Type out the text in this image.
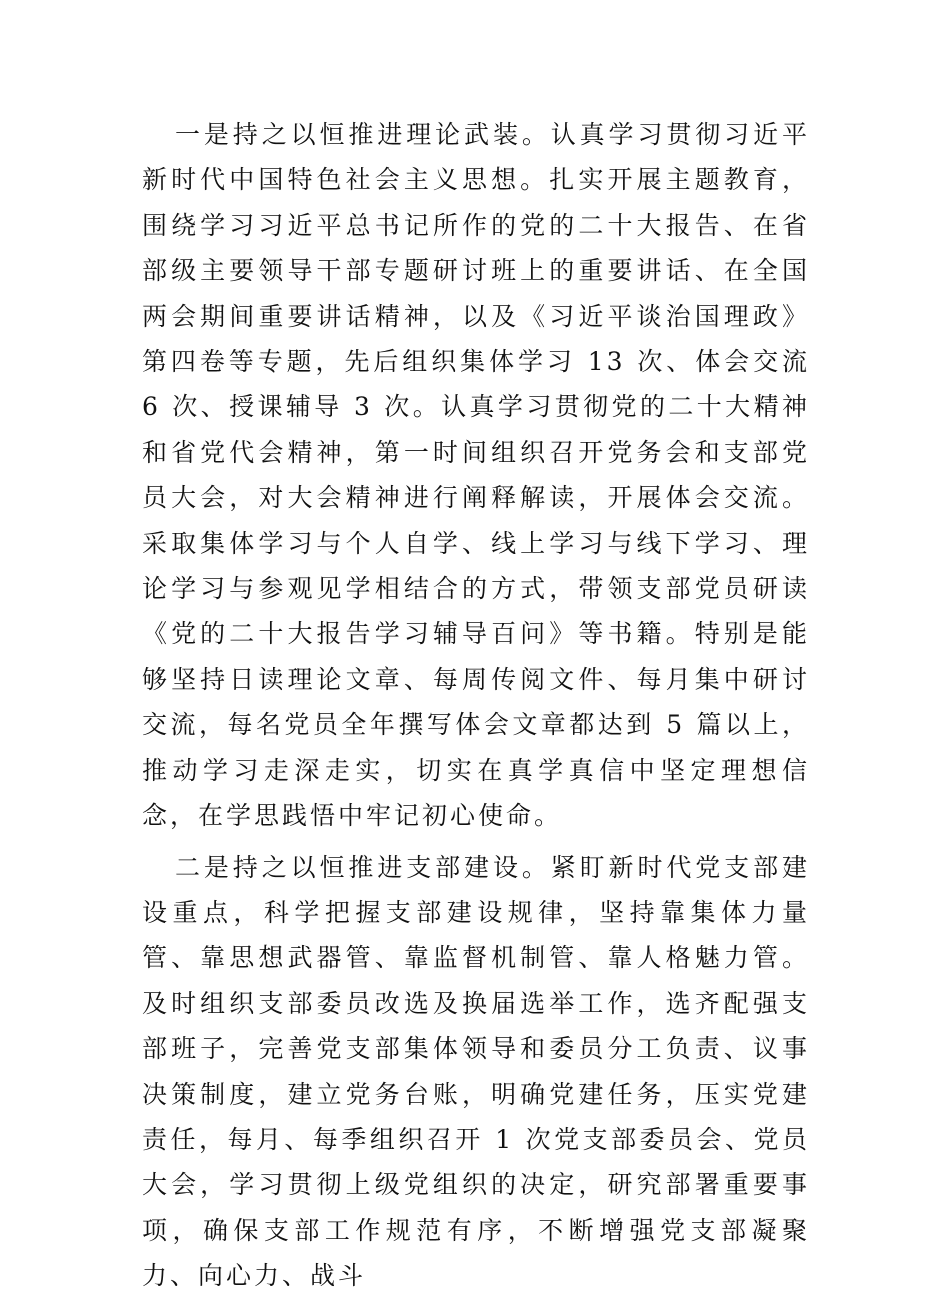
一是持之以恒推进理论武装。认真学习贯彻习近平新时代中国特色社会主义思想。扎实开展主题教育，围绕学习习近平总书记所作的党的二十大报告、在省部级主要领导干部专题研讨班上的重要讲话、在全国两会期间重要讲话精神，以及《习近平谈治国理政》第四卷等专题，先后组织集体学习 13 次、体会交流 6 次、授课辅导 3 次。认真学习贯彻党的二十大精神和省党代会精神，第一时间组织召开党务会和支部党员大会，对大会精神进行阐释解读，开展体会交流。采取集体学习与个人自学、线上学习与线下学习、理论学习与参观见学相结合的方式，带领支部党员研读《党的二十大报告学习辅导百问》等书籍。特别是能够坚持日读理论文章、每周传阅文件、每月集中研讨交流，每名党员全年撰写体会文章都达到 5 篇以上，推动学习走深走实，切实在真学真信中坚定理想信念，在学思践悟中牢记初心使命。

二是持之以恒推进支部建设。紧盯新时代党支部建设重点，科学把握支部建设规律，坚持靠集体力量管、靠思想武器管、靠监督机制管、靠人格魅力管。及时组织支部委员改选及换届选举工作，选齐配强支部班子，完善党支部集体领导和委员分工负责、议事决策制度，建立党务台账，明确党建任务，压实党建责任，每月、每季组织召开 1 次党支部委员会、党员大会，学习贯彻上级党组织的决定，研究部署重要事项，确保支部工作规范有序，不断增强党支部凝聚力、向心力、战斗
